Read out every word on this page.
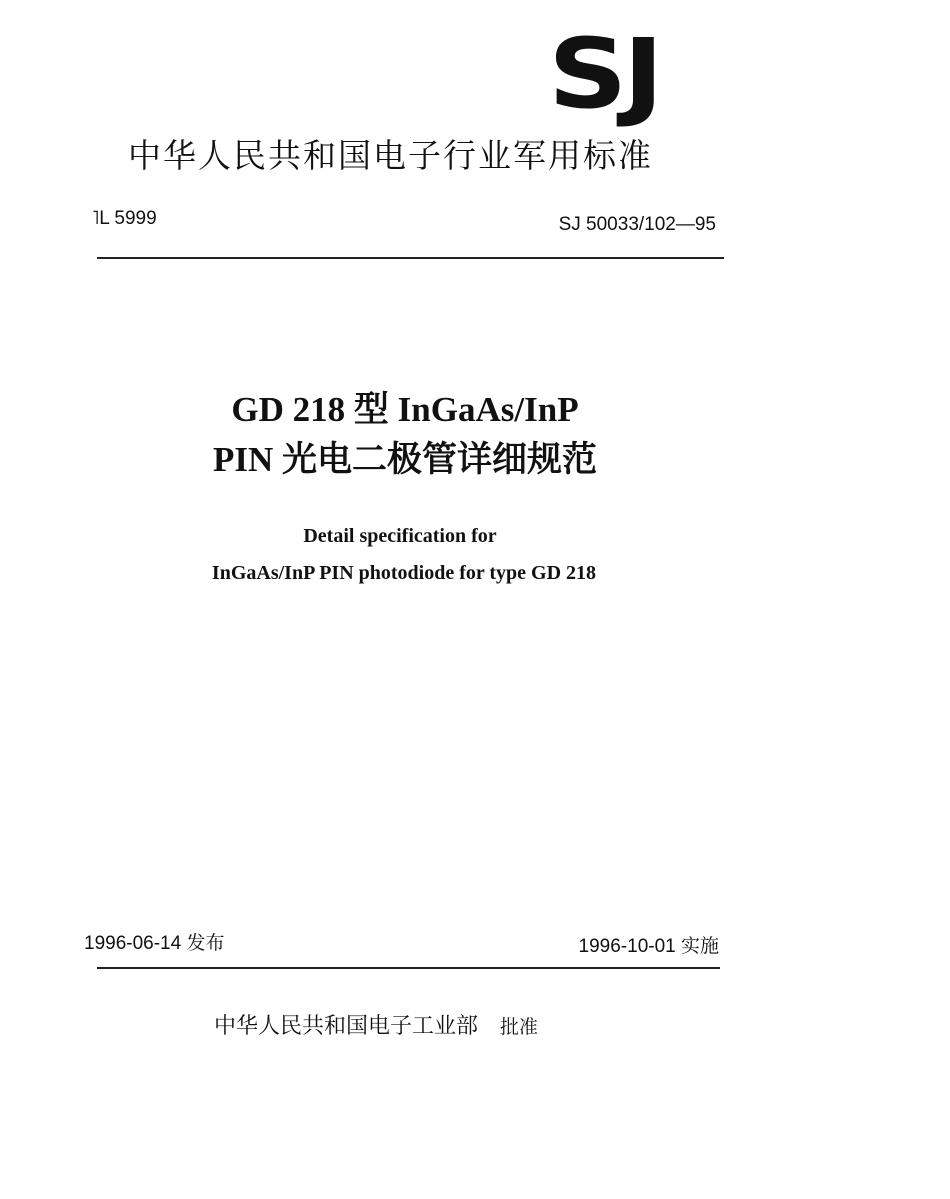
SJ
中华人民共和国电子行业军用标准
˥L 5999	SJ 50033/102—95
GD 218 型 InGaAs/InP
PIN 光电二极管详细规范
Detail specification for
InGaAs/InP PIN photodiode for type GD 218
1996-06-14 发布	1996-10-01 实施
中华人民共和国电子工业部 批准
